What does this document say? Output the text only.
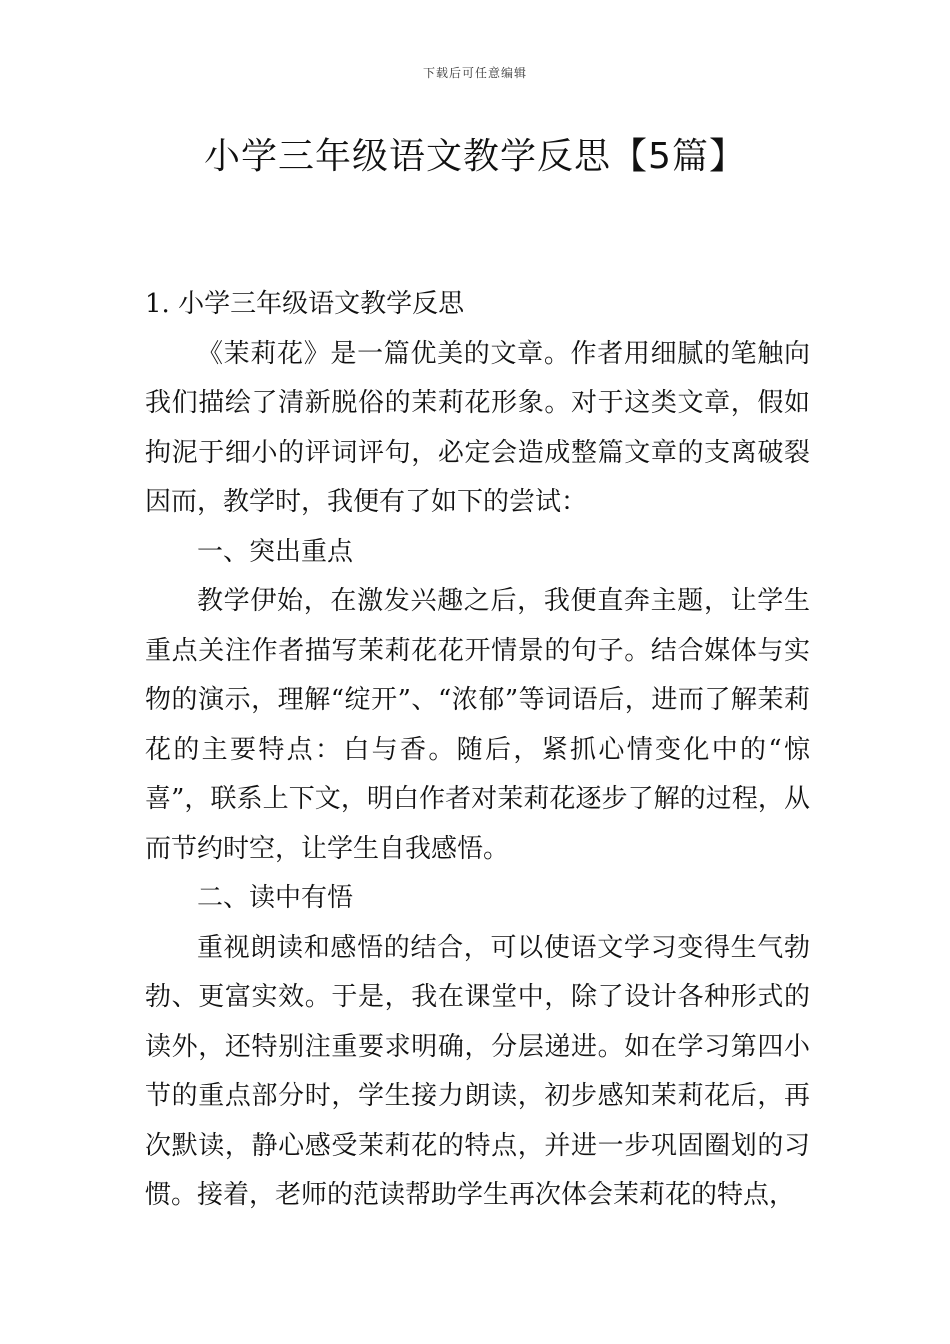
下载后可任意编辑
小学三年级语文教学反思【5篇】

1. 小学三年级语文教学反思

《茉莉花》是一篇优美的文章。作者用细腻的笔触向我们描绘了清新脱俗的茉莉花形象。对于这类文章，假如拘泥于细小的评词评句，必定会造成整篇文章的支离破裂因而，教学时，我便有了如下的尝试：

一、突出重点

教学伊始，在激发兴趣之后，我便直奔主题，让学生重点关注作者描写茉莉花花开情景的句子。结合媒体与实物的演示，理解“绽开”、“浓郁”等词语后，进而了解茉莉花的主要特点：白与香。随后，紧抓心情变化中的“惊喜”，联系上下文，明白作者对茉莉花逐步了解的过程，从而节约时空，让学生自我感悟。

二、读中有悟

重视朗读和感悟的结合，可以使语文学习变得生气勃勃、更富实效。于是，我在课堂中，除了设计各种形式的读外，还特别注重要求明确，分层递进。如在学习第四小节的重点部分时，学生接力朗读，初步感知茉莉花后，再次默读，静心感受茉莉花的特点，并进一步巩固圈划的习惯。接着，老师的范读帮助学生再次体会茉莉花的特点，
